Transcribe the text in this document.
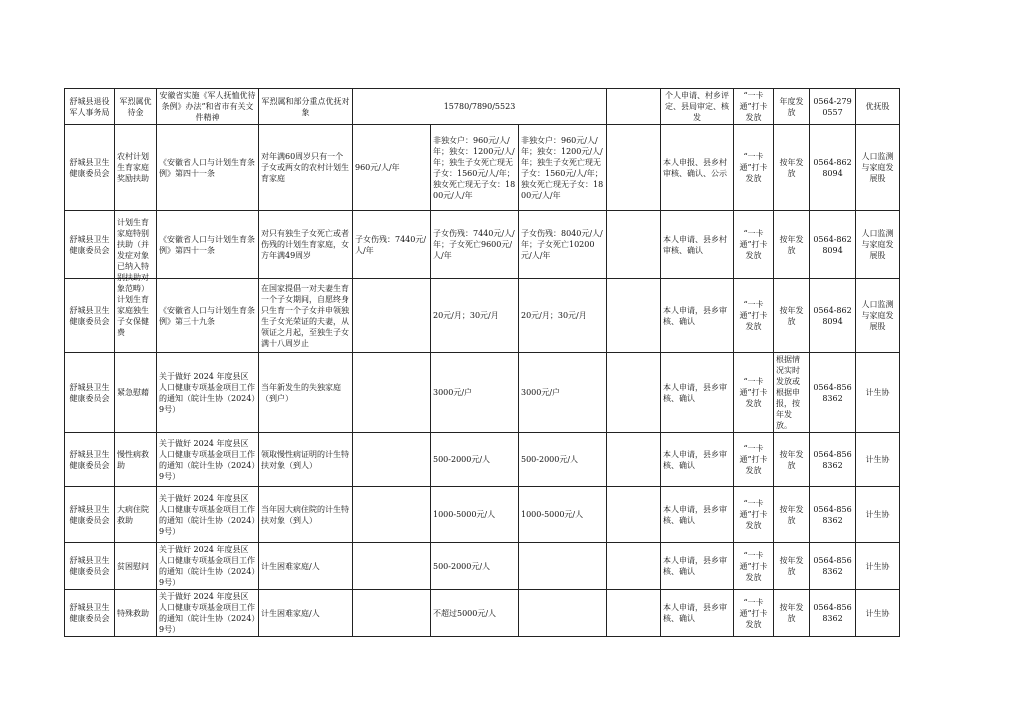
舒城县退役军人事务局	军烈属优待金	安徽省实施《军人抚恤优待条例》办法”和省市有关文件精神	军烈属和部分重点优抚对象	15780/7890/5523				个人申请、村乡评定、县局审定、核发	“一卡通”打卡发放	年度发放	0564-2790557	优抚股
舒城县卫生健康委员会	农村计划生育家庭奖励扶助	《安徽省人口与计划生育条例》第四十一条	对年满60周岁只有一个子女或两女的农村计划生育家庭	960元/人/年	非独女户：960元/人/年；独女：1200元/人/年；独生子女死亡现无子女：1560元/人/年；独女死亡现无子女：1800元/人/年	非独女户：960元/人/年；独女：1200元/人/年；独生子女死亡现无子女：1560元/人/年；独女死亡现无子女：1800元/人/年		本人申报、县乡村审核、确认、公示	“一卡通”打卡发放	按年发放	0564-8628094	人口监测与家庭发展股
舒城县卫生健康委员会	计划生育家庭特别扶助（并发症对象已纳入特别扶助对象范畴）	《安徽省人口与计划生育条例》第四十一条	对只有独生子女死亡或者伤残的计划生育家庭，女方年满49周岁	子女伤残：7440元/人/年	子女伤残：7440元/人/年；子女死亡9600元/人/年	子女伤残：8040元/人/年；子女死亡10200元/人/年		本人申请、县乡村审核、确认	“一卡通”打卡发放	按年发放	0564-8628094	人口监测与家庭发展股
舒城县卫生健康委员会	计划生育家庭独生子女保健费	《安徽省人口与计划生育条例》第三十九条	在国家提倡一对夫妻生育一个子女期间，自愿终身只生育一个子女并申领独生子女光荣证的夫妻，从领证之月起，至独生子女满十八周岁止		20元/月；30元/月	20元/月；30元/月		本人申请，县乡审核、确认	“一卡通”打卡发放	按年发放	0564-8628094	人口监测与家庭发展股
舒城县卫生健康委员会	紧急慰藉	关于做好 2024 年度县区人口健康专项基金项目工作的通知（皖计生协（2024）9号）	当年新发生的失独家庭（到户）		3000元/户	3000元/户		本人申请，县乡审核、确认	“一卡通”打卡发放	根据情况实时发放或根据申报，按年发放。	0564-8568362	计生协
舒城县卫生健康委员会	慢性病救助	关于做好 2024 年度县区人口健康专项基金项目工作的通知（皖计生协（2024）9号）	领取慢性病证明的计生特扶对象（到人）		500-2000元/人	500-2000元/人		本人申请，县乡审核、确认	“一卡通”打卡发放	按年发放	0564-8568362	计生协
舒城县卫生健康委员会	大病住院救助	关于做好 2024 年度县区人口健康专项基金项目工作的通知（皖计生协（2024）9号）	当年因大病住院的计生特扶对象（到人）		1000-5000元/人	1000-5000元/人		本人申请，县乡审核、确认	“一卡通”打卡发放	按年发放	0564-8568362	计生协
舒城县卫生健康委员会	贫困慰问	关于做好 2024 年度县区人口健康专项基金项目工作的通知（皖计生协（2024）9号）	计生困难家庭/人		500-2000元/人			本人申请，县乡审核、确认	“一卡通”打卡发放	按年发放	0564-8568362	计生协
舒城县卫生健康委员会	特殊救助	关于做好 2024 年度县区人口健康专项基金项目工作的通知（皖计生协（2024）9号）	计生困难家庭/人		不超过5000元/人			本人申请，县乡审核、确认	“一卡通”打卡发放	按年发放	0564-8568362	计生协
